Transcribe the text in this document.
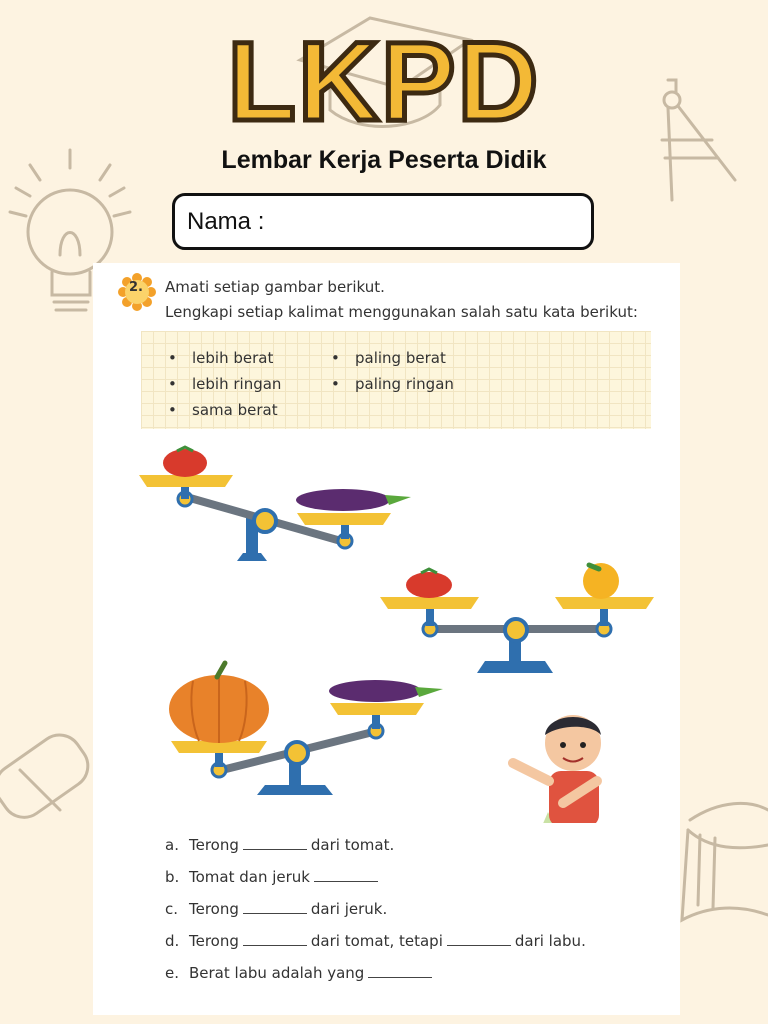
LKPD
Lembar Kerja Peserta Didik
Nama :
2. Amati setiap gambar berikut.
Lengkapi setiap kalimat menggunakan salah satu kata berikut:
• lebih berat
• lebih ringan
• sama berat
• paling berat
• paling ringan
a. Terong	dari tomat.
b. Tomat dan jeruk
c. Terong	dari jeruk.
d. Terong	dari tomat, tetapi	dari labu.
e. Berat labu adalah yang
